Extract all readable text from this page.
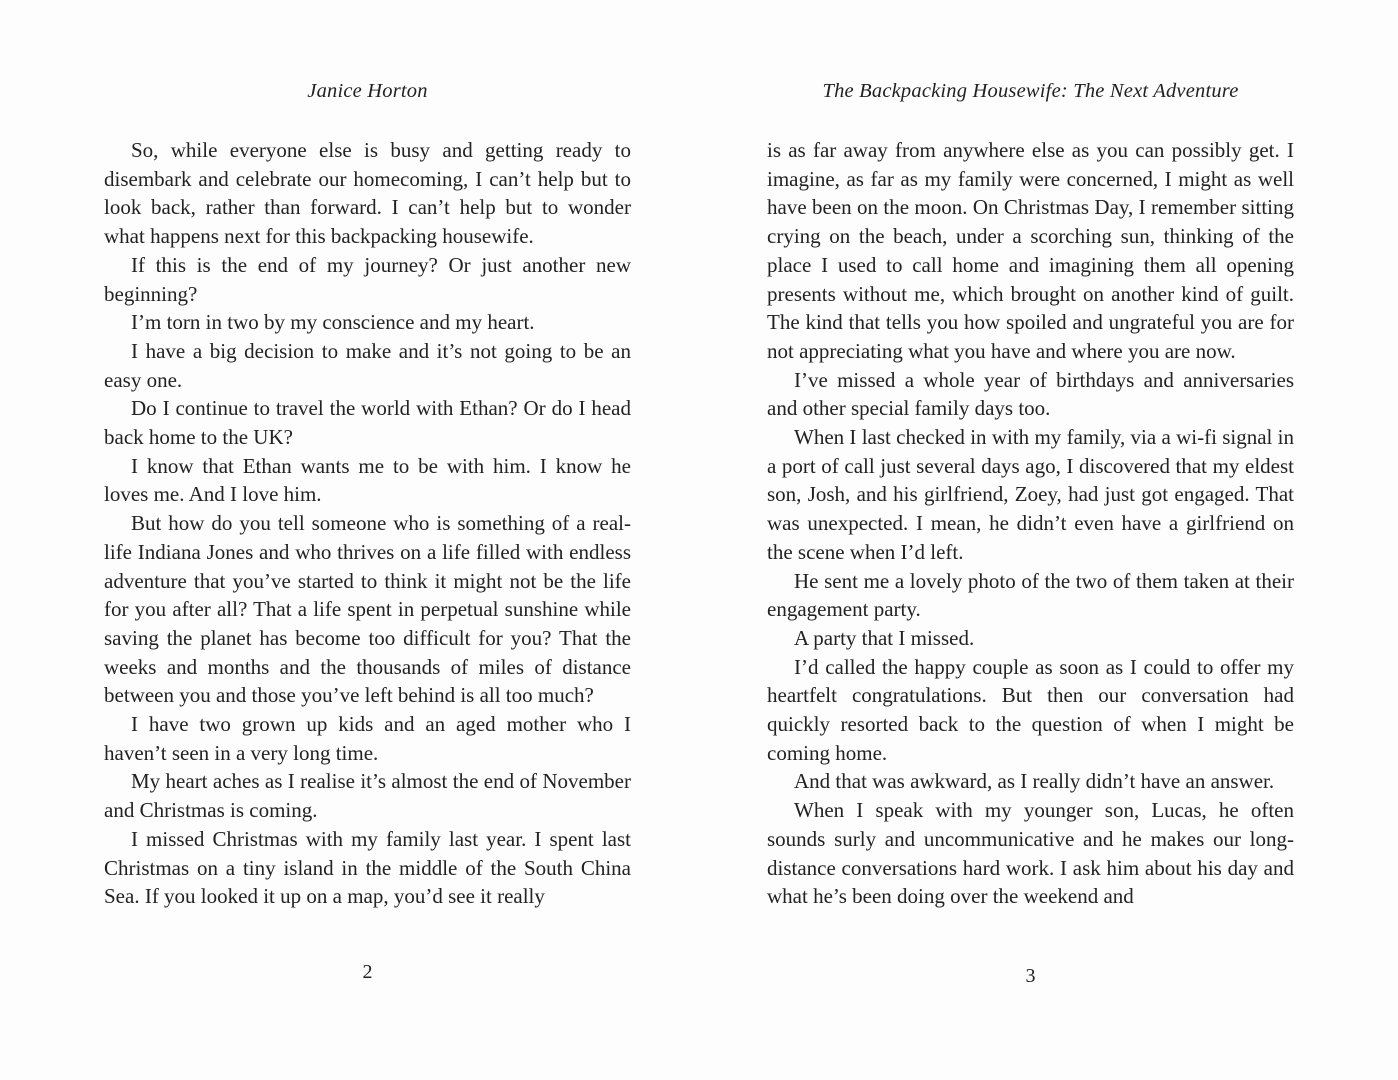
Janice Horton

So, while everyone else is busy and getting ready to disembark and celebrate our homecoming, I can’t help but to look back, rather than forward. I can’t help but to wonder what happens next for this backpacking housewife.

If this is the end of my journey? Or just another new beginning?

I’m torn in two by my conscience and my heart.

I have a big decision to make and it’s not going to be an easy one.

Do I continue to travel the world with Ethan? Or do I head back home to the UK?

I know that Ethan wants me to be with him. I know he loves me. And I love him.

But how do you tell someone who is something of a real-life Indiana Jones and who thrives on a life filled with endless adventure that you’ve started to think it might not be the life for you after all? That a life spent in perpetual sunshine while saving the planet has become too difficult for you? That the weeks and months and the thousands of miles of distance between you and those you’ve left behind is all too much?

I have two grown up kids and an aged mother who I haven’t seen in a very long time.

My heart aches as I realise it’s almost the end of November and Christmas is coming.

I missed Christmas with my family last year. I spent last Christmas on a tiny island in the middle of the South China Sea. If you looked it up on a map, you’d see it really

2
The Backpacking Housewife: The Next Adventure

is as far away from anywhere else as you can possibly get. I imagine, as far as my family were concerned, I might as well have been on the moon. On Christmas Day, I remember sitting crying on the beach, under a scorching sun, thinking of the place I used to call home and imagining them all opening presents without me, which brought on another kind of guilt. The kind that tells you how spoiled and ungrateful you are for not appreciating what you have and where you are now.

I’ve missed a whole year of birthdays and anniversaries and other special family days too.

When I last checked in with my family, via a wi-fi signal in a port of call just several days ago, I discovered that my eldest son, Josh, and his girlfriend, Zoey, had just got engaged. That was unexpected. I mean, he didn’t even have a girlfriend on the scene when I’d left.

He sent me a lovely photo of the two of them taken at their engagement party.

A party that I missed.

I’d called the happy couple as soon as I could to offer my heartfelt congratulations. But then our conversation had quickly resorted back to the question of when I might be coming home.

And that was awkward, as I really didn’t have an answer.

When I speak with my younger son, Lucas, he often sounds surly and uncommunicative and he makes our long-distance conversations hard work. I ask him about his day and what he’s been doing over the weekend and

3
